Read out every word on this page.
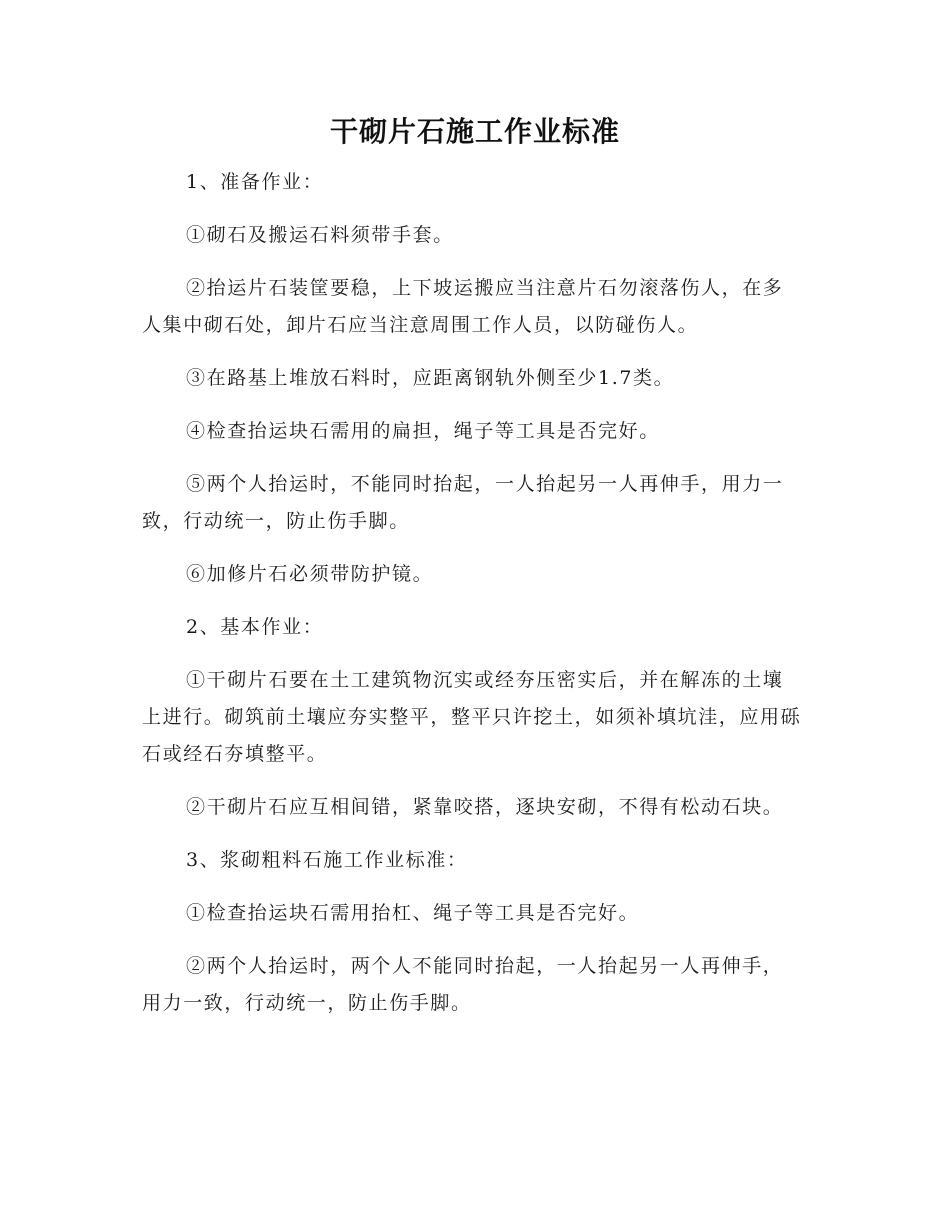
干砌片石施工作业标准

1、准备作业：

①砌石及搬运石料须带手套。

②抬运片石装筐要稳，上下坡运搬应当注意片石勿滚落伤人，在多人集中砌石处，卸片石应当注意周围工作人员，以防碰伤人。

③在路基上堆放石料时，应距离钢轨外侧至少1.7类。

④检查抬运块石需用的扁担，绳子等工具是否完好。

⑤两个人抬运时，不能同时抬起，一人抬起另一人再伸手，用力一致，行动统一，防止伤手脚。

⑥加修片石必须带防护镜。

2、基本作业：

①干砌片石要在土工建筑物沉实或经夯压密实后，并在解冻的土壤上进行。砌筑前土壤应夯实整平，整平只许挖土，如须补填坑洼，应用砾石或经石夯填整平。

②干砌片石应互相间错，紧靠咬搭，逐块安砌，不得有松动石块。

3、浆砌粗料石施工作业标准：

①检查抬运块石需用抬杠、绳子等工具是否完好。

②两个人抬运时，两个人不能同时抬起，一人抬起另一人再伸手，用力一致，行动统一，防止伤手脚。
